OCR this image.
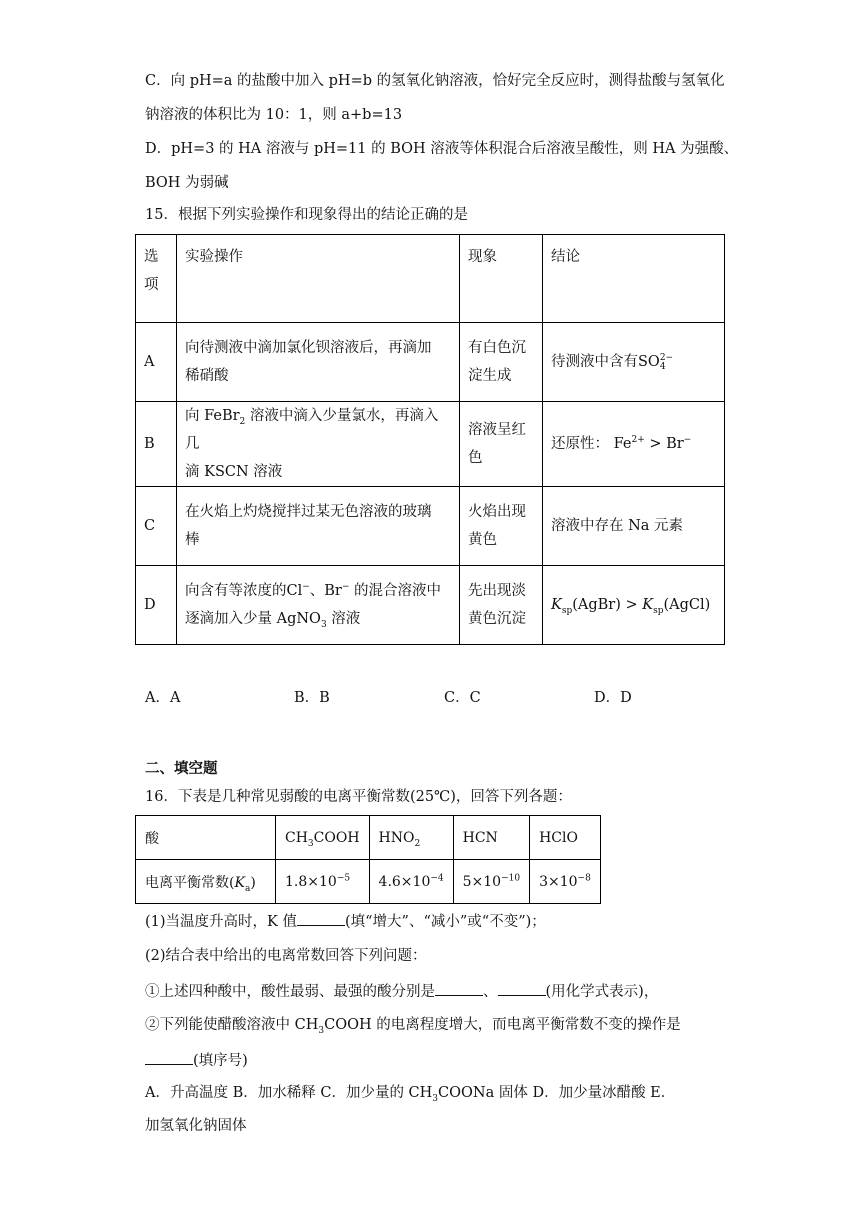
C．向 pH=a 的盐酸中加入 pH=b 的氢氧化钠溶液，恰好完全反应时，测得盐酸与氢氧化
钠溶液的体积比为 10：1，则 a+b=13
D．pH=3 的 HA 溶液与 pH=11 的 BOH 溶液等体积混合后溶液呈酸性，则 HA 为强酸、
BOH 为弱碱
15．根据下列实验操作和现象得出的结论正确的是
选
项	实验操作	现象	结论
A	向待测液中滴加氯化钡溶液后，再滴加
稀硝酸	有白色沉
淀生成	待测液中含有SO 2−
4

B	向 FeBr$_2$ 溶液中滴入少量氯水，再滴入几
滴 KSCN 溶液	溶液呈红
色	还原性： $Fe^{2+} > Br^-$
C	在火焰上灼烧搅拌过某无色溶液的玻璃
棒	火焰出现
黄色	溶液中存在 Na 元素
D	向含有等浓度的Cl−、Br− 的混合溶液中
逐滴加入少量 AgNO$_3$ 溶液	先出现淡
黄色沉淀	$K_{sp}(AgBr)$ > $K_{sp}(AgCl)$
A．A	B．B	C．C	D．D
二、填空题
16．下表是几种常见弱酸的电离平衡常数(25℃)，回答下列各题：
酸	$CH_3COOH$	$HNO_2$	HCN	HClO
电离平衡常数$(K_a)$	$1.8\times 10^{-5}$	$4.6\times 10^{-4}$	$5\times 10^{-10}$	$3\times 10^{-8}$
(1)当温度升高时，K 值	(填“增大”、“减小”或“不变”)；
(2)结合表中给出的电离常数回答下列问题：
①上述四种酸中，酸性最弱、最强的酸分别是	、	(用化学式表示)，
②下列能使醋酸溶液中 $CH_3COOH$ 的电离程度增大，而电离平衡常数不变的操作是
(填序号)
A．升高温度 B．加水稀释 C．加少量的 $CH_3COONa$ 固体 D．加少量冰醋酸 E．
加氢氧化钠固体
